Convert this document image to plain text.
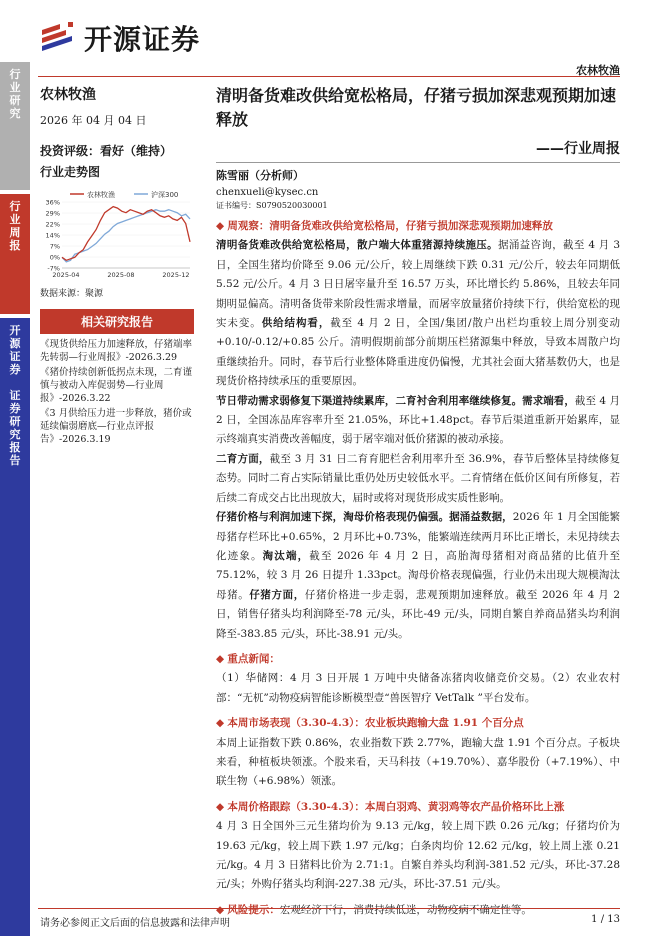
开源证券
农林牧渔
行
业
研
究
行
业
周
报
开
源
证
券

证
券
研
究
报
告
农林牧渔
2026 年 04 月 04 日
投资评级：看好（维持）
行业走势图
农林牧渔	沪深300
36%
29%
22%
14%
7%
0%
-7%
2025-04	2025-08	2025-12
数据来源：聚源
相关研究报告
《现货供给压力加速释放，仔猪端率先转弱—行业周报》-2026.3.29
《猪价持续创新低拐点未现，二育谨慎与被动入库促弱势—行业周报》-2026.3.22
《3 月供给压力进一步释放，猪价或延续偏弱磨底—行业点评报告》-2026.3.19
清明备货难改供给宽松格局，仔猪亏损加深悲观预期加速释放
——行业周报
陈雪丽（分析师）
chenxueli@kysec.cn
证书编号：S0790520030001
◆ 周观察：清明备货难改供给宽松格局，仔猪亏损加深悲观预期加速释放
清明备货难改供给宽松格局，散户端大体重猪源持续施压。据涌益咨询，截至 4 月 3 日，全国生猪均价降至 9.06 元/公斤，较上周继续下跌 0.31 元/公斤，较去年同期低 5.52 元/公斤。4 月 3 日日屠宰量升至 16.57 万头，环比增长约 5.86%，且较去年同期明显偏高。清明备货带来阶段性需求增量，而屠宰放量猪价持续下行，供给宽松的现实未变。供给结构看，截至 4 月 2 日，全国/集团/散户出栏均重较上周分别变动+0.10/-0.12/+0.85 公斤。清明假期前部分前期压栏猪源集中释放，导致本周散户均重继续抬升。同时，春节后行业整体降重进度仍偏慢，尤其社会面大猪基数仍大，也是现货价格持续承压的重要原因。
节日带动需求弱修复下渠道持续累库，二育衬舍利用率继续修复。需求端看，截至 4 月 2 日，全国冻品库容率升至 21.05%，环比+1.48pct。春节后渠道重新开始累库，显示终端真实消费改善幅度，弱于屠宰端对低价猪源的被动承接。
二育方面，截至 3 月 31 日二育育肥栏舍利用率升至 36.9%，春节后整体呈持续修复态势。同时二育占实际销量比重仍处历史较低水平。二育情绪在低价区间有所修复，若后续二育成交占比出现放大，届时或将对现货形成实质性影响。
仔猪价格与利润加速下探，淘母价格表现仍偏强。据涌益数据，2026 年 1 月全国能繁母猪存栏环比+0.65%，2 月环比+0.73%，能繁端连续两月环比正增长，未见持续去化迹象。淘汰端，截至 2026 年 4 月 2 日，高胎淘母猪相对商品猪的比值升至 75.12%，较 3 月 26 日提升 1.33pct。淘母价格表现偏强，行业仍未出现大规模淘汰母猪。仔猪方面，仔猪价格进一步走弱，悲观预期加速释放。截至 2026 年 4 月 2 日，销售仔猪头均利润降至-78 元/头，环比-49 元/头，同期自繁自养商品猪头均利润降至-383.85 元/头，环比-38.91 元/头。
◆ 重点新闻：
（1）华储网：4 月 3 日开展 1 万吨中央储备冻猪肉收储竞价交易。（2）农业农村部：“无杌”动物疫病智能诊断模型壹“兽医智疗 VetTalk ”平台发布。
◆ 本周市场表现（3.30-4.3）：农业板块跑输大盘 1.91 个百分点
本周上证指数下跌 0.86%，农业指数下跌 2.77%，跑输大盘 1.91 个百分点。子板块来看，种植板块领涨。个股来看，天马科技（+19.70%）、嘉华股份（+7.19%）、中联生物（+6.98%）领涨。
◆ 本周价格跟踪（3.30-4.3）：本周白羽鸡、黄羽鸡等农产品价格环比上涨
4 月 3 日全国外三元生猪均价为 9.13 元/kg，较上周下跌 0.26 元/kg；仔猪均价为 19.63 元/kg，较上周下跌 1.97 元/kg；白条肉均价 12.62 元/kg，较上周上涨 0.21 元/kg。4 月 3 日猪料比价为 2.71:1。自繁自养头均利润-381.52 元/头，环比-37.28 元/头；外购仔猪头均利润-227.38 元/头，环比-37.51 元/头。
◆ 风险提示：宏观经济下行，消费持续低迷，动物疫病不确定性等。
请务必参阅正文后面的信息披露和法律声明	1 / 13
